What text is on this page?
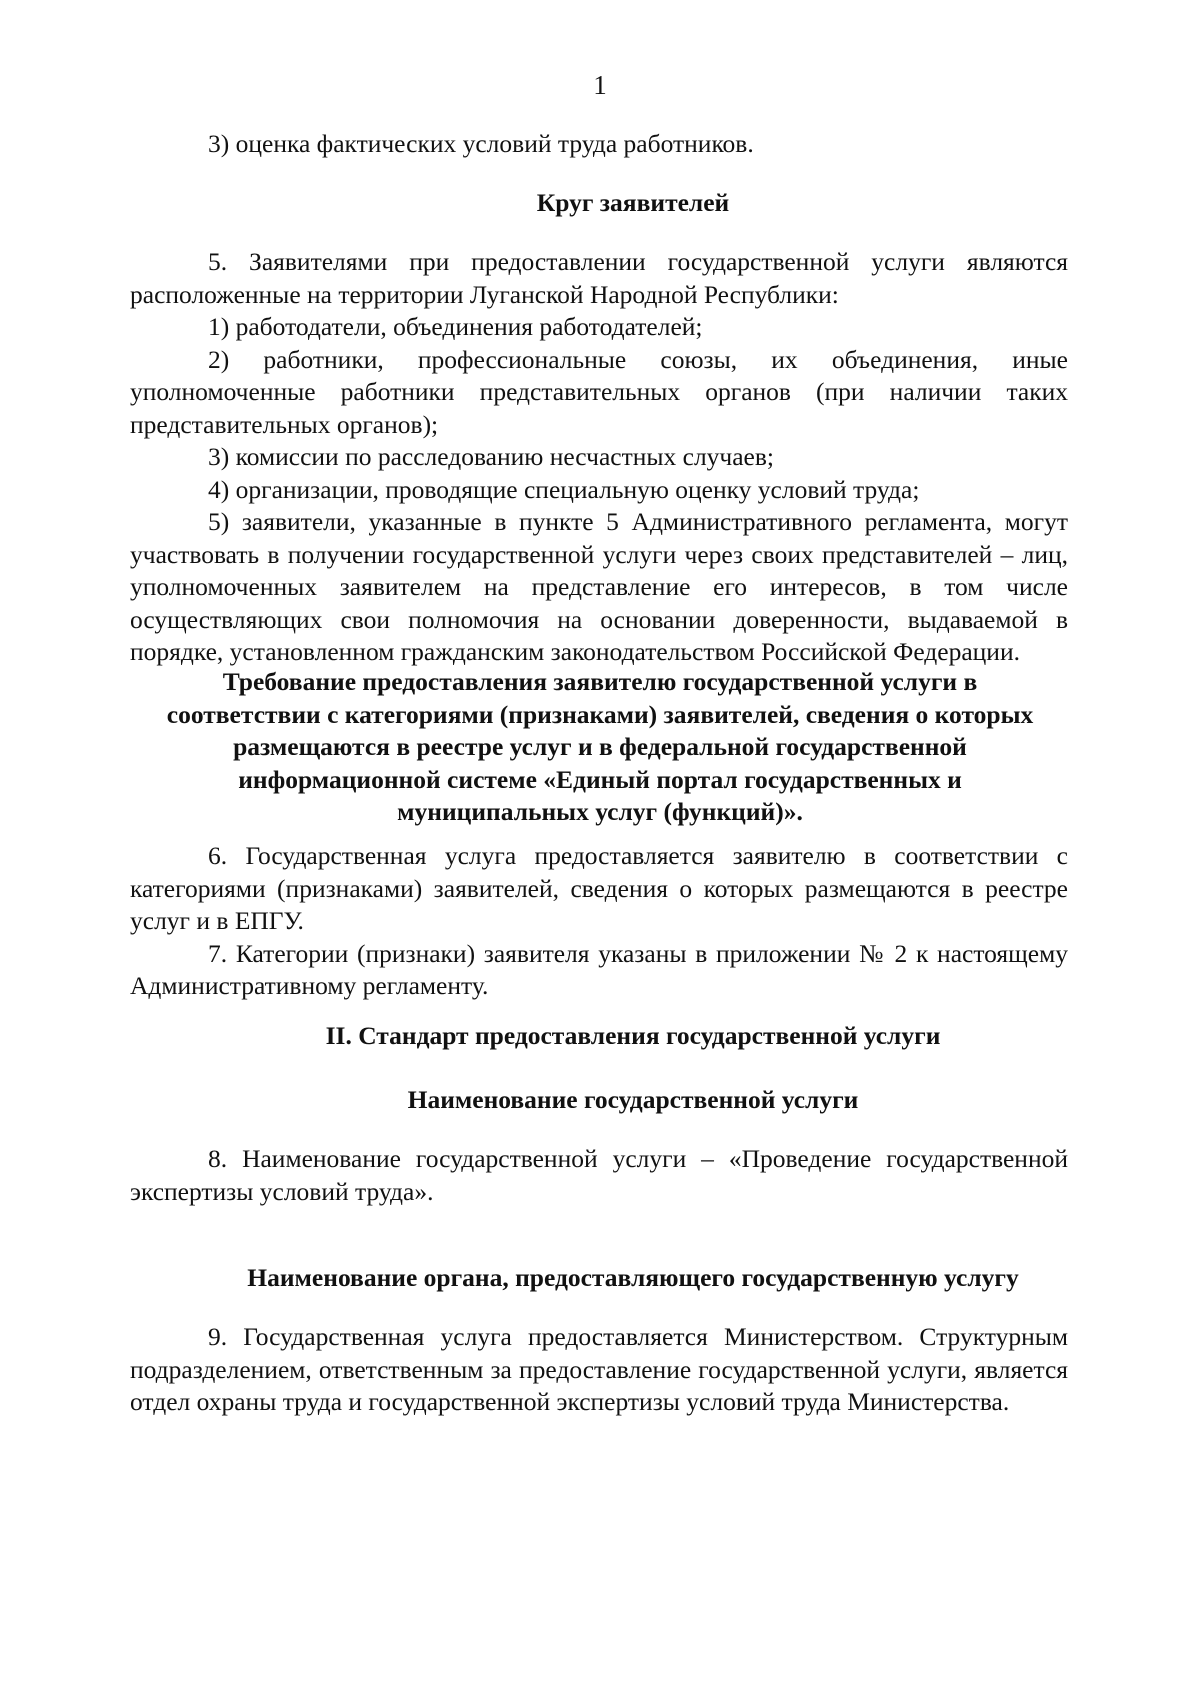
1

3) оценка фактических условий труда работников.

Круг заявителей

5. Заявителями при предоставлении государственной услуги являются расположенные на территории Луганской Народной Республики:

1) работодатели, объединения работодателей;

2) работники, профессиональные союзы, их объединения, иные уполномоченные работники представительных органов (при наличии таких представительных органов);

3) комиссии по расследованию несчастных случаев;

4) организации, проводящие специальную оценку условий труда;

5) заявители, указанные в пункте 5 Административного регламента, могут участвовать в получении государственной услуги через своих представителей – лиц, уполномоченных заявителем на представление его интересов, в том числе осуществляющих свои полномочия на основании доверенности, выдаваемой в порядке, установленном гражданским законодательством Российской Федерации.

Требование предоставления заявителю государственной услуги в соответствии с категориями (признаками) заявителей, сведения о которых размещаются в реестре услуг и в федеральной государственной информационной системе «Единый портал государственных и муниципальных услуг (функций)».

6. Государственная услуга предоставляется заявителю в соответствии с категориями (признаками) заявителей, сведения о которых размещаются в реестре услуг и в ЕПГУ.

7. Категории (признаки) заявителя указаны в приложении № 2 к настоящему Административному регламенту.

II. Стандарт предоставления государственной услуги
Наименование государственной услуги

8. Наименование государственной услуги – «Проведение государственной экспертизы условий труда».

Наименование органа, предоставляющего государственную услугу

9. Государственная услуга предоставляется Министерством. Структурным подразделением, ответственным за предоставление государственной услуги, является отдел охраны труда и государственной экспертизы условий труда Министерства.
